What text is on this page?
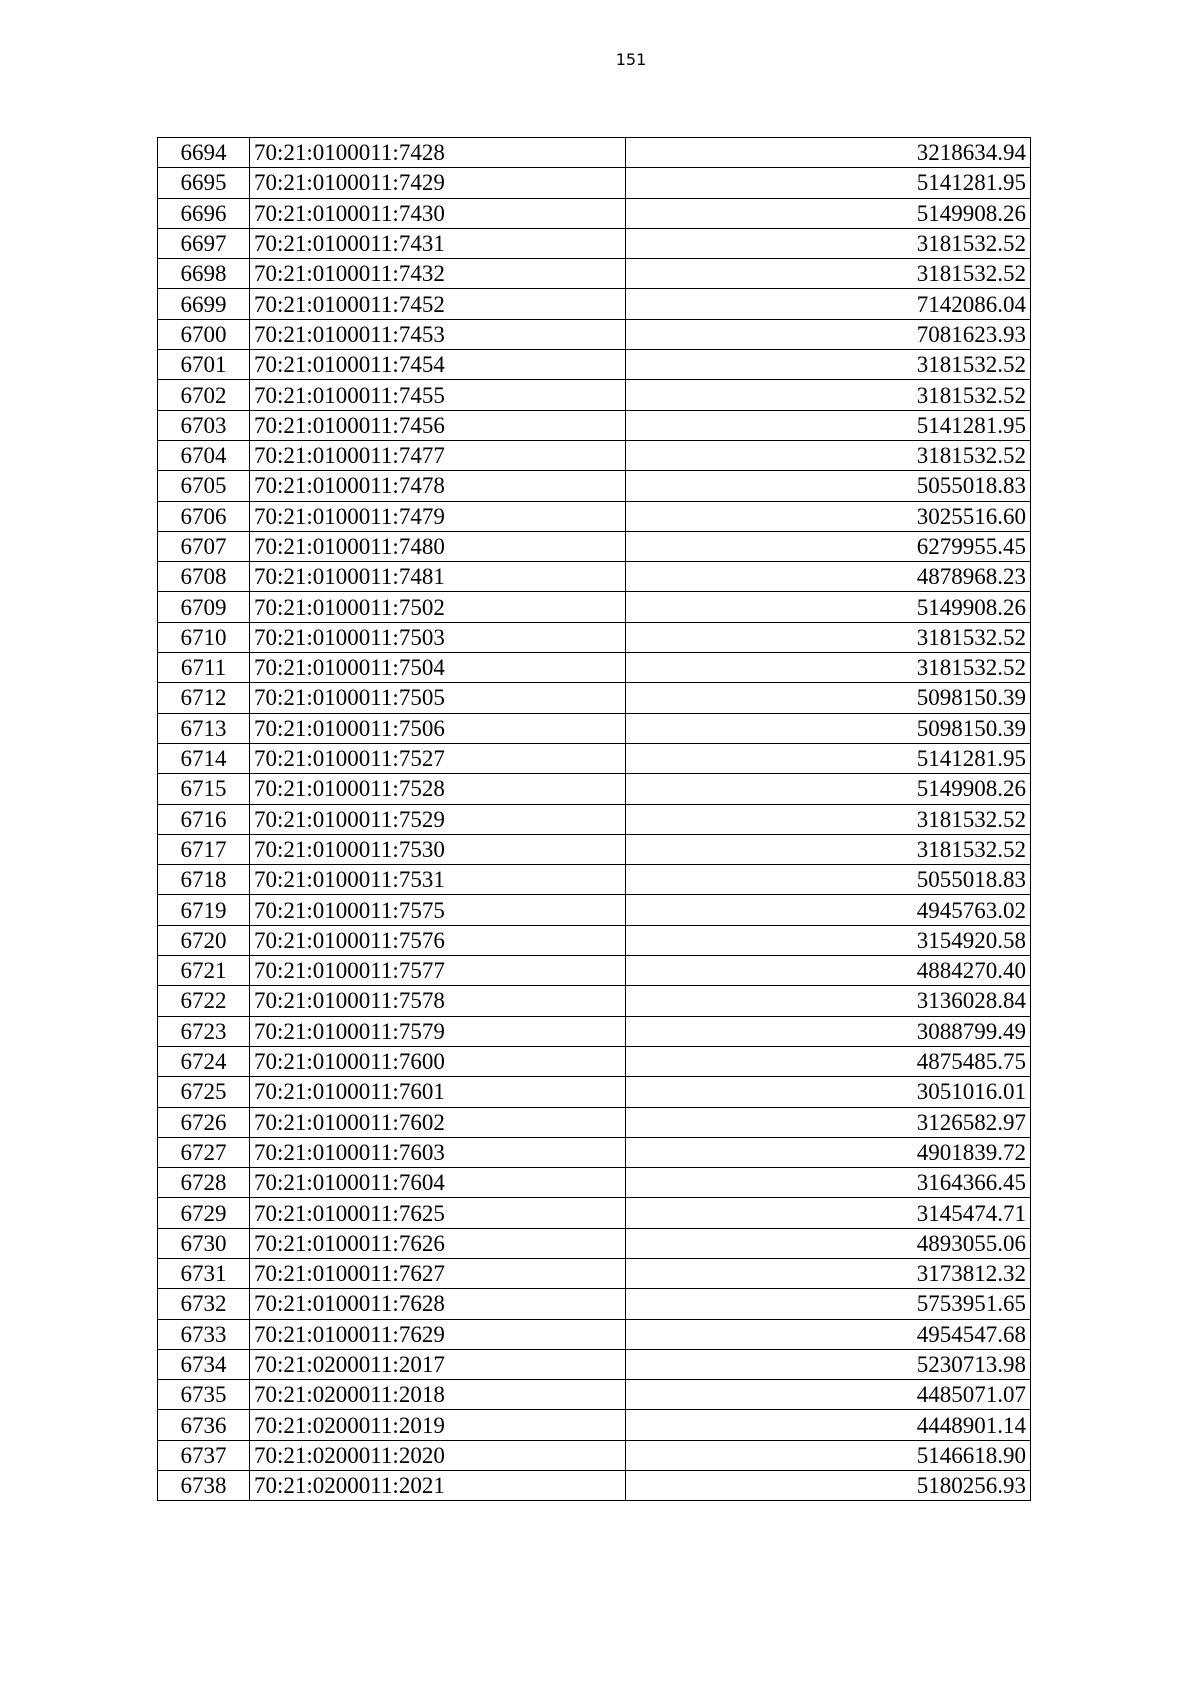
151
6694	70:21:0100011:7428	3218634.94
6695	70:21:0100011:7429	5141281.95
6696	70:21:0100011:7430	5149908.26
6697	70:21:0100011:7431	3181532.52
6698	70:21:0100011:7432	3181532.52
6699	70:21:0100011:7452	7142086.04
6700	70:21:0100011:7453	7081623.93
6701	70:21:0100011:7454	3181532.52
6702	70:21:0100011:7455	3181532.52
6703	70:21:0100011:7456	5141281.95
6704	70:21:0100011:7477	3181532.52
6705	70:21:0100011:7478	5055018.83
6706	70:21:0100011:7479	3025516.60
6707	70:21:0100011:7480	6279955.45
6708	70:21:0100011:7481	4878968.23
6709	70:21:0100011:7502	5149908.26
6710	70:21:0100011:7503	3181532.52
6711	70:21:0100011:7504	3181532.52
6712	70:21:0100011:7505	5098150.39
6713	70:21:0100011:7506	5098150.39
6714	70:21:0100011:7527	5141281.95
6715	70:21:0100011:7528	5149908.26
6716	70:21:0100011:7529	3181532.52
6717	70:21:0100011:7530	3181532.52
6718	70:21:0100011:7531	5055018.83
6719	70:21:0100011:7575	4945763.02
6720	70:21:0100011:7576	3154920.58
6721	70:21:0100011:7577	4884270.40
6722	70:21:0100011:7578	3136028.84
6723	70:21:0100011:7579	3088799.49
6724	70:21:0100011:7600	4875485.75
6725	70:21:0100011:7601	3051016.01
6726	70:21:0100011:7602	3126582.97
6727	70:21:0100011:7603	4901839.72
6728	70:21:0100011:7604	3164366.45
6729	70:21:0100011:7625	3145474.71
6730	70:21:0100011:7626	4893055.06
6731	70:21:0100011:7627	3173812.32
6732	70:21:0100011:7628	5753951.65
6733	70:21:0100011:7629	4954547.68
6734	70:21:0200011:2017	5230713.98
6735	70:21:0200011:2018	4485071.07
6736	70:21:0200011:2019	4448901.14
6737	70:21:0200011:2020	5146618.90
6738	70:21:0200011:2021	5180256.93
